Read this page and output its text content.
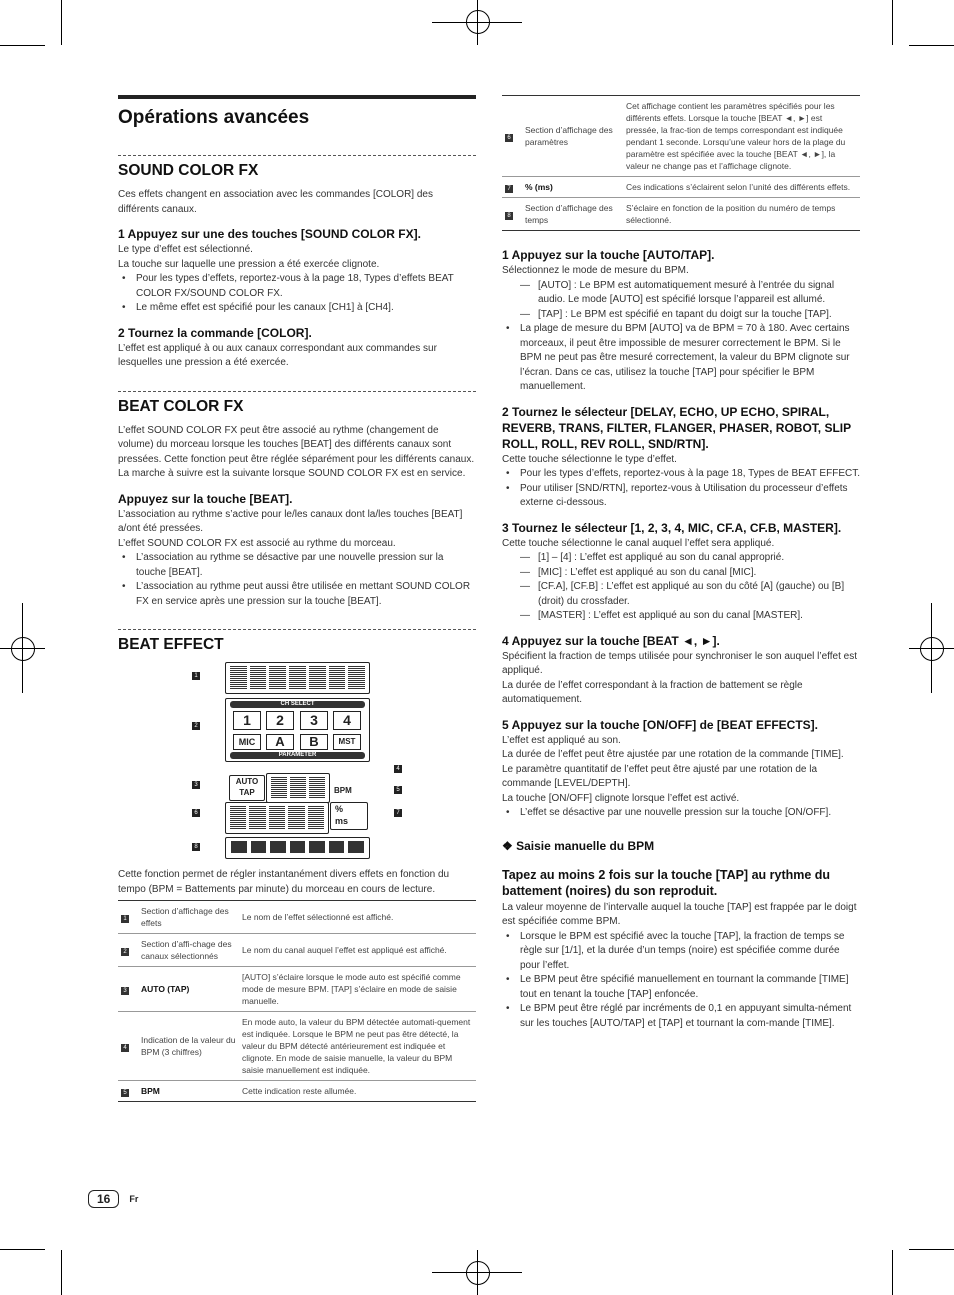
Opérations avancées
SOUND COLOR FX

Ces effets changent en association avec les commandes [COLOR] des différents canaux.

1 Appuyez sur une des touches [SOUND COLOR FX].

Le type d’effet est sélectionné.

La touche sur laquelle une pression a été exercée clignote.

• Pour les types d’effets, reportez-vous à la page 18, Types d’effets BEAT COLOR FX/SOUND COLOR FX.
• Le même effet est spécifié pour les canaux [CH1] à [CH4].
2 Tournez la commande [COLOR].

L’effet est appliqué à ou aux canaux correspondant aux commandes sur lesquelles une pression a été exercée.

BEAT COLOR FX

L’effet SOUND COLOR FX peut être associé au rythme (changement de volume) du morceau lorsque les touches [BEAT] des différents canaux sont pressées. Cette fonction peut être réglée séparément pour les différents canaux.

La marche à suivre est la suivante lorsque SOUND COLOR FX est en service.

Appuyez sur la touche [BEAT].

L’association au rythme s’active pour le/les canaux dont la/les touches [BEAT] a/ont été pressées.

L’effet SOUND COLOR FX est associé au rythme du morceau.

• L’association au rythme se désactive par une nouvelle pression sur la touche [BEAT].
• L’association au rythme peut aussi être utilisée en mettant SOUND COLOR FX en service après une pression sur la touche [BEAT].
BEAT EFFECT
1
2
CH SELECT
1	2	3	4
MIC	A	B	MST
PARAMETER
4
3	AUTO
TAP	BPM	5
6	%
ms
7
8

Cette fonction permet de régler instantanément divers effets en fonction du tempo (BPM = Battements par minute) du morceau en cours de lecture.

1	Section d’affichage des effets	Le nom de l’effet sélectionné est affiché.
2	Section d’affi-chage des canaux sélectionnés	Le nom du canal auquel l’effet est appliqué est affiché.
3	AUTO (TAP)	[AUTO] s’éclaire lorsque le mode auto est spécifié comme mode de mesure BPM. [TAP] s’éclaire en mode de saisie manuelle.
4	Indication de la valeur du BPM (3 chiffres)	En mode auto, la valeur du BPM détectée automati-quement est indiquée. Lorsque le BPM ne peut pas être détecté, la valeur du BPM détecté antérieurement est indiquée et clignote. En mode de saisie manuelle, la valeur du BPM saisie manuellement est indiquée.
5	BPM	Cette indication reste allumée.
6	Section d’affichage des paramètres	Cet affichage contient les paramètres spécifiés pour les différents effets. Lorsque la touche [BEAT ◄, ►] est pressée, la frac-tion de temps correspondant est indiquée pendant 1 seconde. Lorsqu’une valeur hors de la plage du paramètre est spécifiée avec la touche [BEAT ◄, ►], la valeur ne change pas et l’affichage clignote.
7	% (ms)	Ces indications s’éclairent selon l’unité des différents effets.
8	Section d’affichage des temps	S’éclaire en fonction de la position du numéro de temps sélectionné.
1 Appuyez sur la touche [AUTO/TAP].

Sélectionnez le mode de mesure du BPM.

— [AUTO] : Le BPM est automatiquement mesuré à l’entrée du signal audio. Le mode [AUTO] est spécifié lorsque l’appareil est allumé.
— [TAP] : Le BPM est spécifié en tapant du doigt sur la touche [TAP].
• La plage de mesure du BPM [AUTO] va de BPM = 70 à 180. Avec certains morceaux, il peut être impossible de mesurer correctement le BPM. Si le BPM ne peut pas être mesuré correctement, la valeur du BPM clignote sur l’écran. Dans ce cas, utilisez la touche [TAP] pour spécifier le BPM manuellement.
2 Tournez le sélecteur [DELAY, ECHO, UP ECHO, SPIRAL, REVERB, TRANS, FILTER, FLANGER, PHASER, ROBOT, SLIP ROLL, ROLL, REV ROLL, SND/RTN].

Cette touche sélectionne le type d’effet.

• Pour les types d’effets, reportez-vous à la page 18, Types de BEAT EFFECT.
• Pour utiliser [SND/RTN], reportez-vous à Utilisation du processeur d’effets externe ci-dessous.
3 Tournez le sélecteur [1, 2, 3, 4, MIC, CF.A, CF.B, MASTER].

Cette touche sélectionne le canal auquel l’effet sera appliqué.

— [1] – [4] : L’effet est appliqué au son du canal approprié.
— [MIC] : L’effet est appliqué au son du canal [MIC].
— [CF.A], [CF.B] : L’effet est appliqué au son du côté [A] (gauche) ou [B] (droit) du crossfader.
— [MASTER] : L’effet est appliqué au son du canal [MASTER].
4 Appuyez sur la touche [BEAT ◄, ►].

Spécifient la fraction de temps utilisée pour synchroniser le son auquel l’effet est appliqué.

La durée de l’effet correspondant à la fraction de battement se règle automatiquement.

5 Appuyez sur la touche [ON/OFF] de [BEAT EFFECTS].

L’effet est appliqué au son.

La durée de l’effet peut être ajustée par une rotation de la commande [TIME].

Le paramètre quantitatif de l’effet peut être ajusté par une rotation de la commande [LEVEL/DEPTH].

La touche [ON/OFF] clignote lorsque l’effet est activé.

• L’effet se désactive par une nouvelle pression sur la touche [ON/OFF].
❖ Saisie manuelle du BPM
Tapez au moins 2 fois sur la touche [TAP] au rythme du battement (noires) du son reproduit.

La valeur moyenne de l’intervalle auquel la touche [TAP] est frappée par le doigt est spécifiée comme BPM.

• Lorsque le BPM est spécifié avec la touche [TAP], la fraction de temps se règle sur [1/1], et la durée d’un temps (noire) est spécifiée comme durée pour l’effet.
• Le BPM peut être spécifié manuellement en tournant la commande [TIME] tout en tenant la touche [TAP] enfoncée.
• Le BPM peut être réglé par incréments de 0,1 en appuyant simulta-nément sur les touches [AUTO/TAP] et [TAP] et tournant la com-mande [TIME].
16	Fr
